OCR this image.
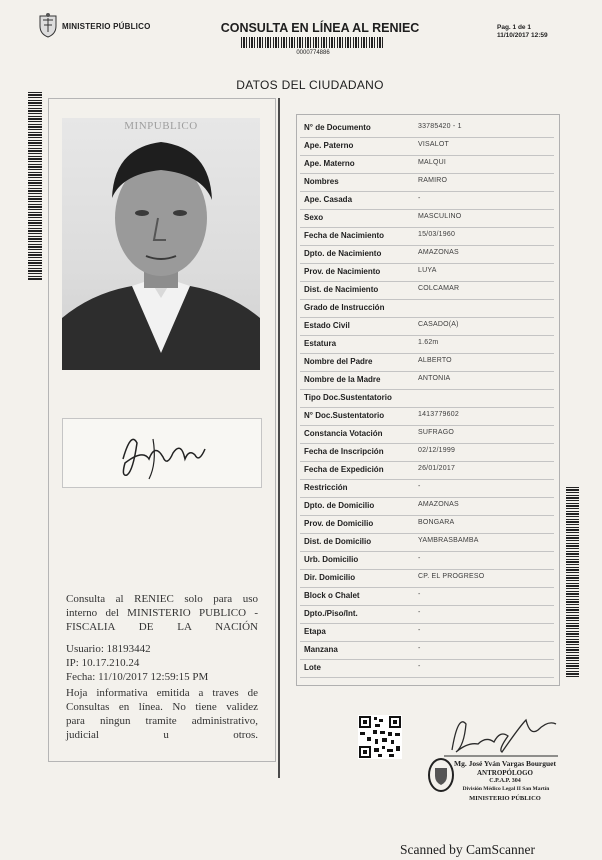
MINISTERIO PÚBLICO	CONSULTA EN LÍNEA AL RENIEC
0000774886
Pag. 1 de 1
11/10/2017 12:59
DATOS DEL CIUDADANO
MINPUBLICO
Consulta al RENIEC solo para uso
interno del MINISTERIO PUBLICO -
FISCALIA DE LA NACIÓN
Usuario: 18193442
IP: 10.17.210.24
Fecha: 11/10/2017 12:59:15 PM
Hoja informativa emitida a traves de
Consultas en línea. No tiene validez
para ningun tramite administrativo,
judicial u otros.
N° de Documento	33785420 - 1
Ape. Paterno	VISALOT
Ape. Materno	MALQUI
Nombres	RAMIRO
Ape. Casada	-
Sexo	MASCULINO
Fecha de Nacimiento	15/03/1960
Dpto. de Nacimiento	AMAZONAS
Prov. de Nacimiento	LUYA
Dist. de Nacimiento	COLCAMAR
Grado de Instrucción
Estado Civil	CASADO(A)
Estatura	1.62m
Nombre del Padre	ALBERTO
Nombre de la Madre	ANTONIA
Tipo Doc.Sustentatorio
N° Doc.Sustentatorio	1413779602
Constancia Votación	SUFRAGO
Fecha de Inscripción	02/12/1999
Fecha de Expedición	26/01/2017
Restricción	-
Dpto. de Domicilio	AMAZONAS
Prov. de Domicilio	BONGARA
Dist. de Domicilio	YAMBRASBAMBA
Urb. Domicilio	-
Dir. Domicilio	CP. EL PROGRESO
Block o Chalet	-
Dpto./Piso/Int.	-
Etapa	-
Manzana	-
Lote	-
Mg. José Yván Vargas Bourguet
ANTROPÓLOGO
C.P.A.P. 304
División Médico Legal II San Martín
MINISTERIO PÚBLICO
Scanned by CamScanner
